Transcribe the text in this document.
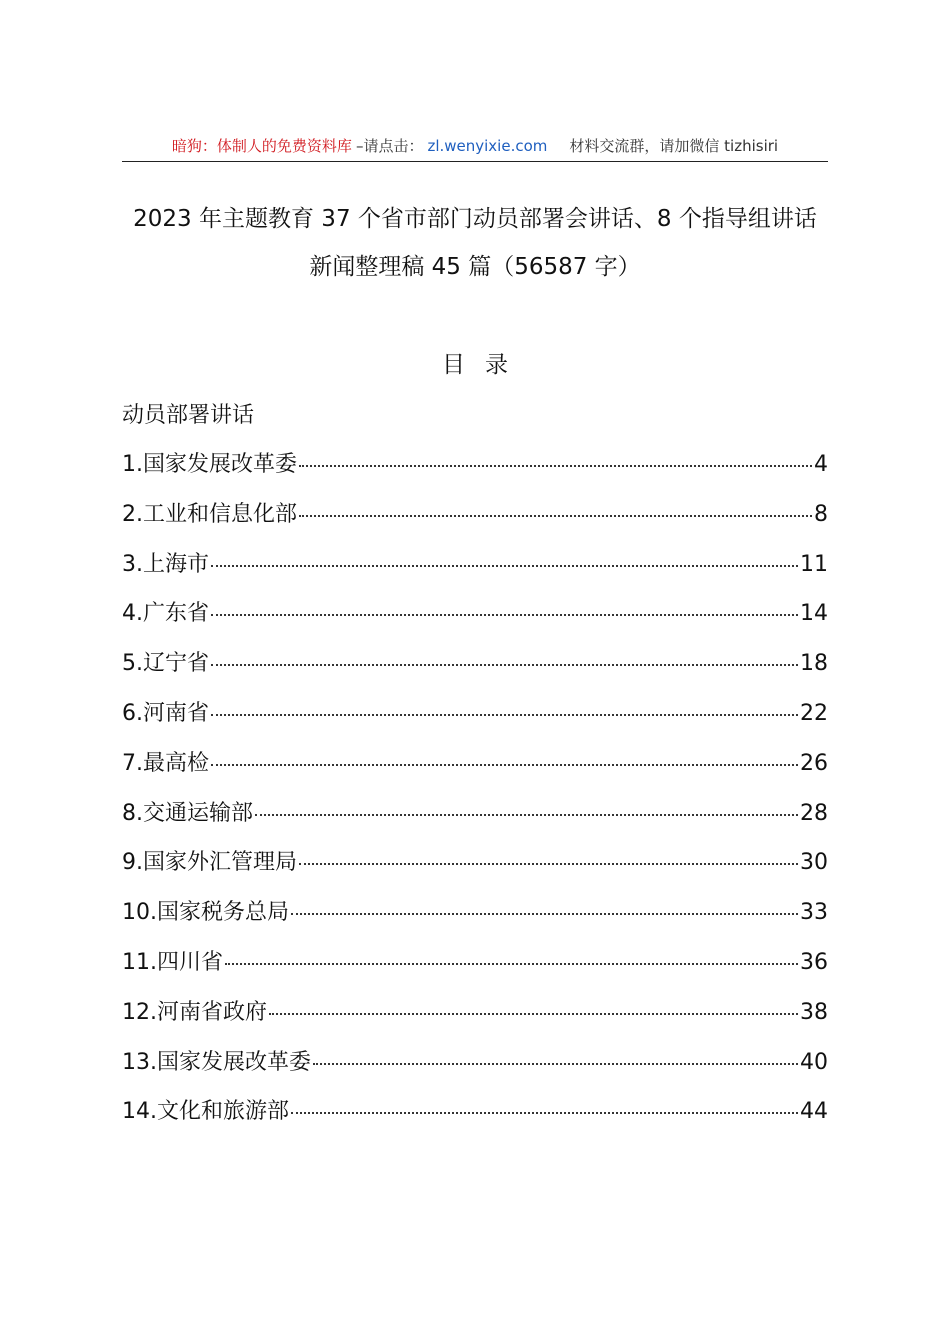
暗狗：体制人的免费资料库 –请点击： zl.wenyixie.com 材料交流群，请加微信 tizhisiri
2023 年主题教育 37 个省市部门动员部署会讲话、8 个指导组讲话
新闻整理稿 45 篇（56587 字）
目录
动员部署讲话
1.国家发展改革委	4
2.工业和信息化部	8
3.上海市	11
4.广东省	14
5.辽宁省	18
6.河南省	22
7.最高检	26
8.交通运输部	28
9.国家外汇管理局	30
10.国家税务总局	33
11.四川省	36
12.河南省政府	38
13.国家发展改革委	40
14.文化和旅游部	44
